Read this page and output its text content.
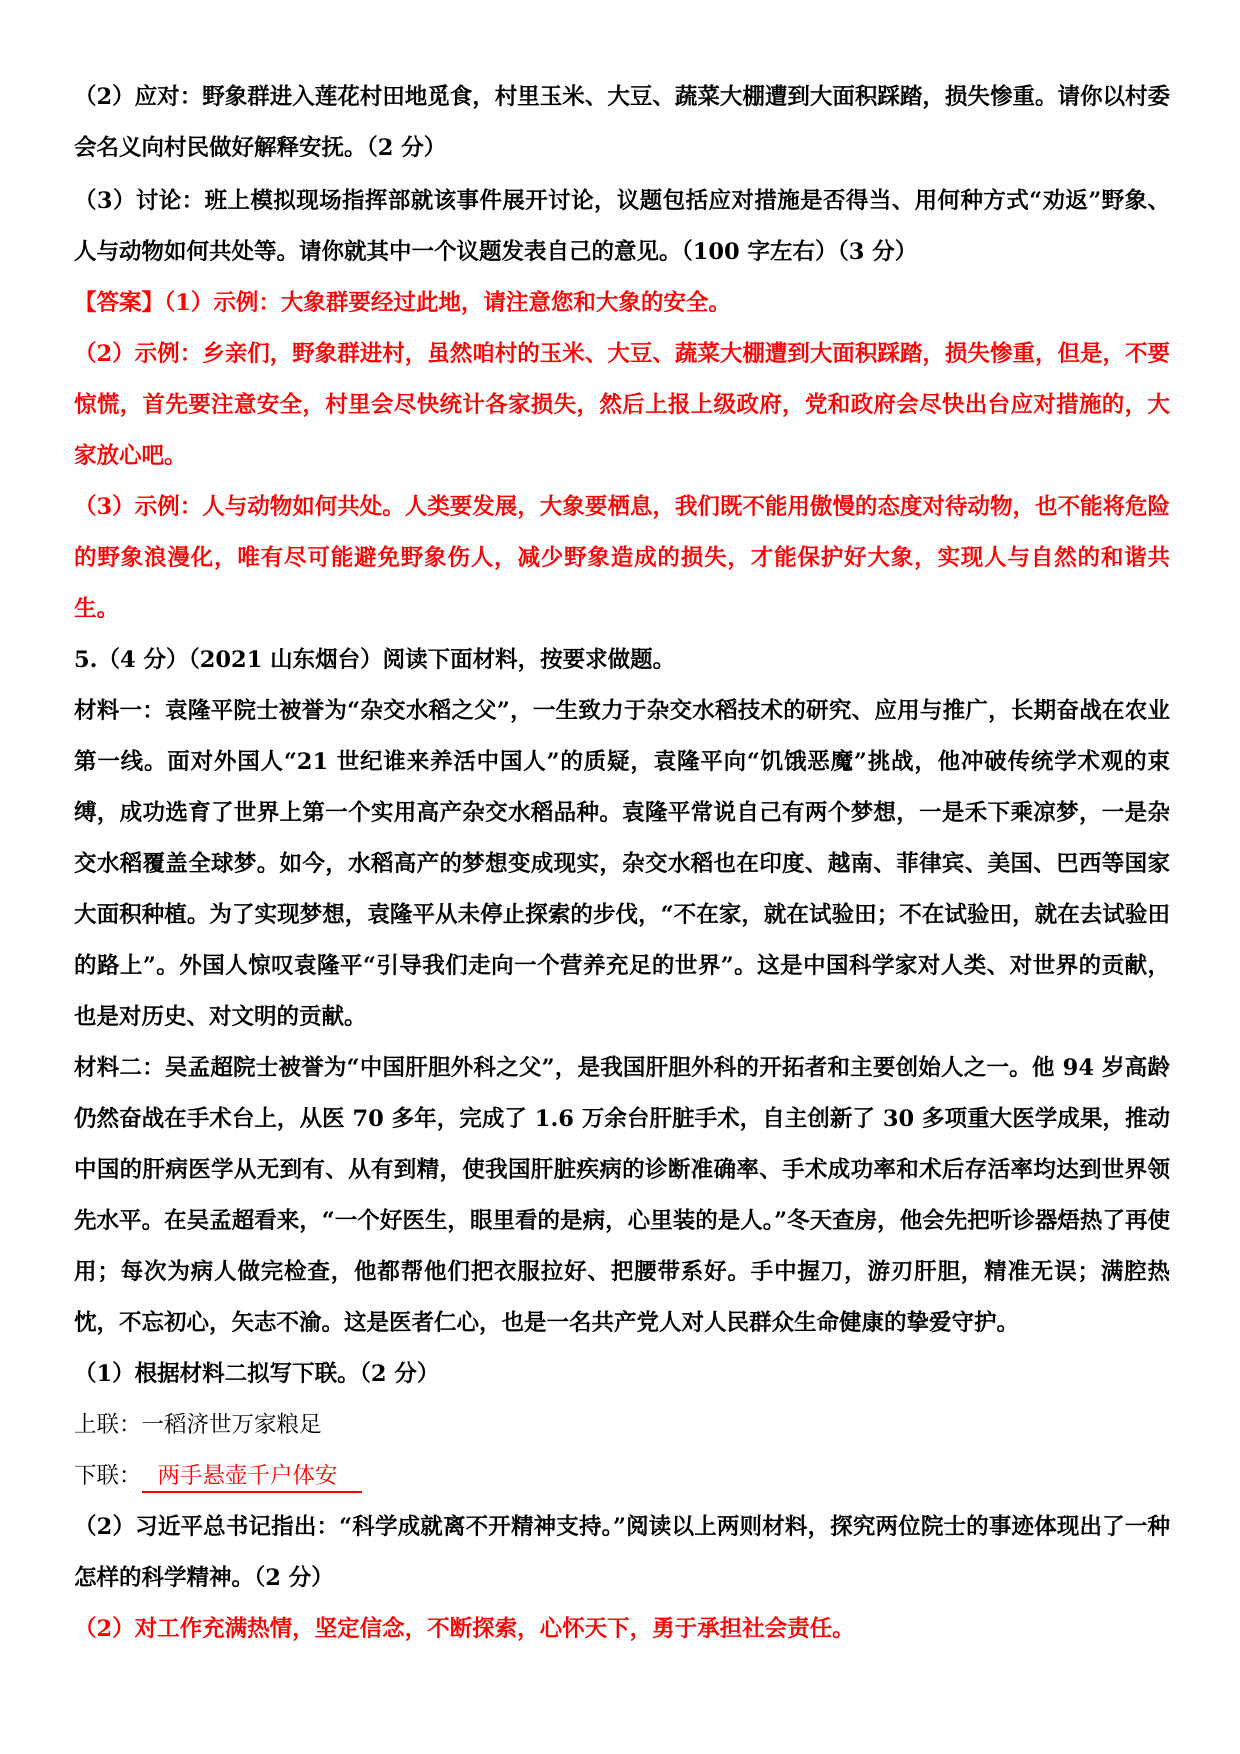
（2）应对：野象群进入莲花村田地觅食，村里玉米、大豆、蔬菜大棚遭到大面积踩踏，损失惨重。请你以村委会名义向村民做好解释安抚。（2 分）

（3）讨论：班上模拟现场指挥部就该事件展开讨论，议题包括应对措施是否得当、用何种方式“劝返”野象、人与动物如何共处等。请你就其中一个议题发表自己的意见。（100 字左右）（3 分）

【答案】（1）示例：大象群要经过此地，请注意您和大象的安全。

（2）示例：乡亲们，野象群进村，虽然咱村的玉米、大豆、蔬菜大棚遭到大面积踩踏，损失惨重，但是，不要惊慌，首先要注意安全，村里会尽快统计各家损失，然后上报上级政府，党和政府会尽快出台应对措施的，大家放心吧。

（3）示例：人与动物如何共处。人类要发展，大象要栖息，我们既不能用傲慢的态度对待动物，也不能将危险的野象浪漫化，唯有尽可能避免野象伤人，减少野象造成的损失，才能保护好大象，实现人与自然的和谐共生。

5.（4 分）（2021 山东烟台）阅读下面材料，按要求做题。

材料一：袁隆平院士被誉为“杂交水稻之父”，一生致力于杂交水稻技术的研究、应用与推广，长期奋战在农业第一线。面对外国人“21 世纪谁来养活中国人”的质疑，袁隆平向“饥饿恶魔”挑战，他冲破传统学术观的束缚，成功选育了世界上第一个实用高产杂交水稻品种。袁隆平常说自己有两个梦想，一是禾下乘凉梦，一是杂交水稻覆盖全球梦。如今，水稻高产的梦想变成现实，杂交水稻也在印度、越南、菲律宾、美国、巴西等国家大面积种植。为了实现梦想，袁隆平从未停止探索的步伐，“不在家，就在试验田；不在试验田，就在去试验田的路上”。外国人惊叹袁隆平“引导我们走向一个营养充足的世界”。这是中国科学家对人类、对世界的贡献，也是对历史、对文明的贡献。

材料二：吴孟超院士被誉为“中国肝胆外科之父”，是我国肝胆外科的开拓者和主要创始人之一。他 94 岁高龄仍然奋战在手术台上，从医 70 多年，完成了 1.6 万余台肝脏手术，自主创新了 30 多项重大医学成果，推动中国的肝病医学从无到有、从有到精，使我国肝脏疾病的诊断准确率、手术成功率和术后存活率均达到世界领先水平。在吴孟超看来，“一个好医生，眼里看的是病，心里装的是人。”冬天查房，他会先把听诊器焐热了再使用；每次为病人做完检查，他都帮他们把衣服拉好、把腰带系好。手中握刀，游刃肝胆，精准无误；满腔热忱，不忘初心，矢志不渝。这是医者仁心，也是一名共产党人对人民群众生命健康的挚爱守护。

（1）根据材料二拟写下联。（2 分）

上联：一稻济世万家粮足

下联： 两手悬壶千户体安

（2）习近平总书记指出：“科学成就离不开精神支持。”阅读以上两则材料，探究两位院士的事迹体现出了一种怎样的科学精神。（2 分）

（2）对工作充满热情，坚定信念，不断探索，心怀天下，勇于承担社会责任。
